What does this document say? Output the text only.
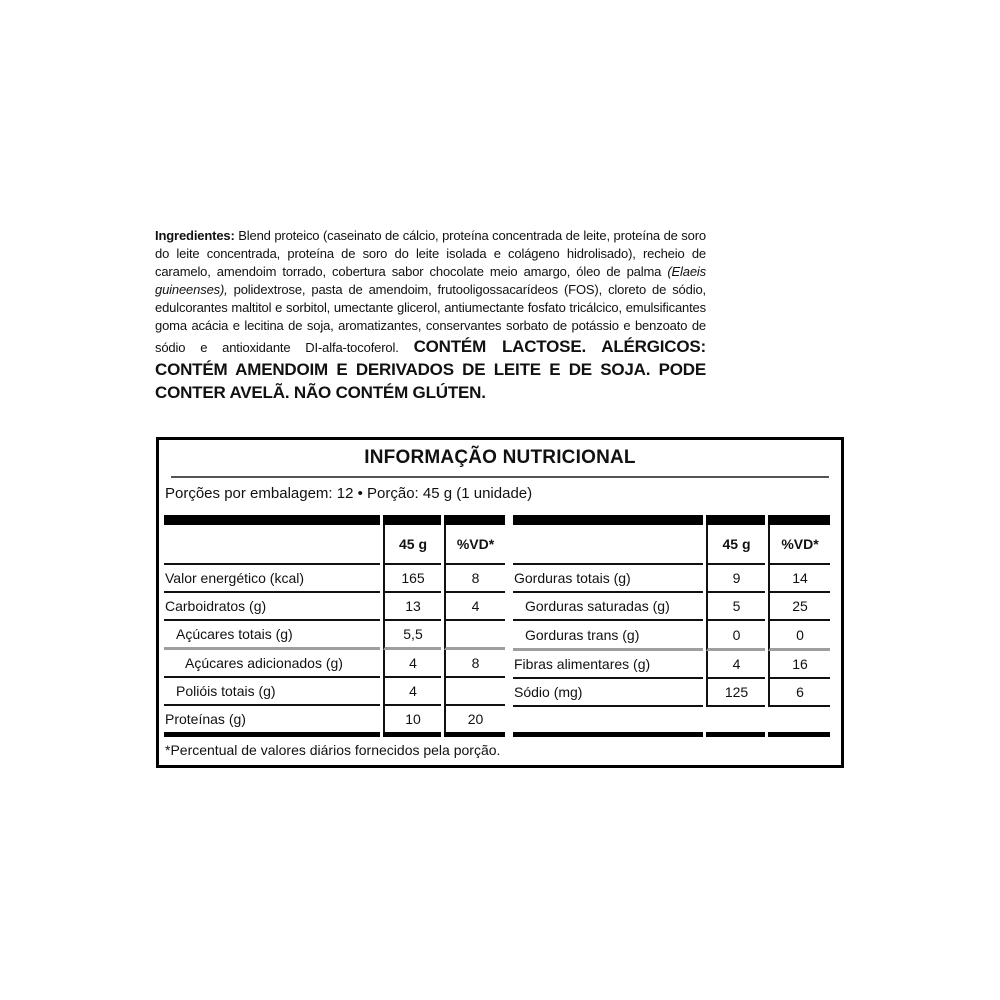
Ingredientes: Blend proteico (caseinato de cálcio, proteína concentrada de leite, proteína de soro do leite concentrada, proteína de soro do leite isolada e colágeno hidrolisado), recheio de caramelo, amendoim torrado, cobertura sabor chocolate meio amargo, óleo de palma (Elaeis guineenses), polidextrose, pasta de amendoim, frutooligossacarídeos (FOS), cloreto de sódio, edulcorantes maltitol e sorbitol, umectante glicerol, antiumectante fosfato tricálcico, emulsificantes goma acácia e lecitina de soja, aromatizantes, conservantes sorbato de potássio e benzoato de sódio e antioxidante DI-alfa-tocoferol. CONTÉM LACTOSE. ALÉRGICOS: CONTÉM AMENDOIM E DERIVADOS DE LEITE E DE SOJA. PODE CONTER AVELÃ. NÃO CONTÉM GLÚTEN.

INFORMAÇÃO NUTRICIONAL
Porções por embalagem: 12 • Porção: 45 g (1 unidade)

	45 g	%VD*
Valor energético (kcal)	165	8
Carboidratos (g)	13	4
Açúcares totais (g)	5,5	
Açúcares adicionados (g)	4	8
Polióis totais (g)	4	
Proteínas (g)	10	20

	45 g	%VD*
Gorduras totais (g)	9	14
Gorduras saturadas (g)	5	25
Gorduras trans (g)	0	0
Fibras alimentares (g)	4	16
Sódio (mg)	125	6

*Percentual de valores diários fornecidos pela porção.
